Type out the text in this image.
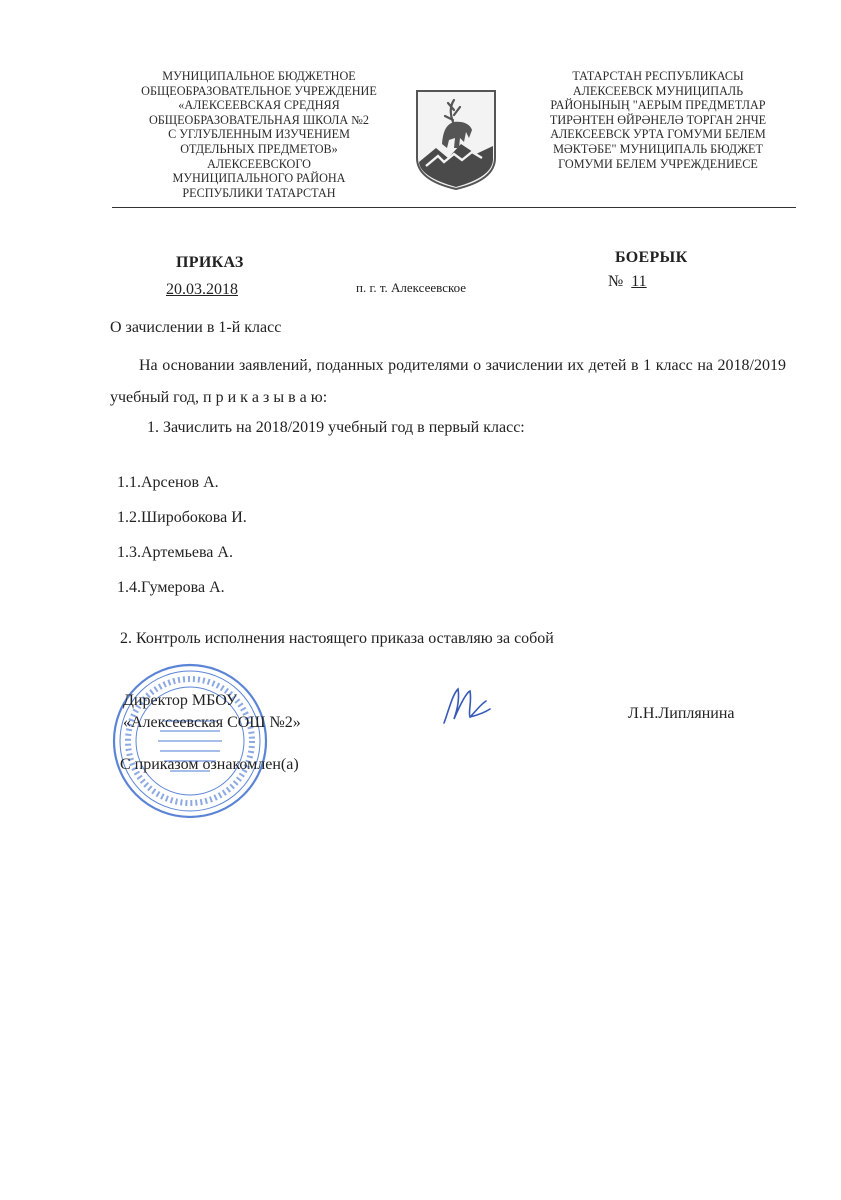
МУНИЦИПАЛЬНОЕ БЮДЖЕТНОЕ
ОБЩЕОБРАЗОВАТЕЛЬНОЕ УЧРЕЖДЕНИЕ
«АЛЕКСЕЕВСКАЯ СРЕДНЯЯ
ОБЩЕОБРАЗОВАТЕЛЬНАЯ ШКОЛА №2
С УГЛУБЛЕННЫМ ИЗУЧЕНИЕМ
ОТДЕЛЬНЫХ ПРЕДМЕТОВ»
АЛЕКСЕЕВСКОГО
МУНИЦИПАЛЬНОГО РАЙОНА
РЕСПУБЛИКИ ТАТАРСТАН
ТАТАРСТАН РЕСПУБЛИКАСЫ
АЛЕКСЕЕВСК МУНИЦИПАЛЬ
РАЙОНЫНЫҢ "АЕРЫМ ПРЕДМЕТЛАР
ТИРӘНТЕН ӨЙРӘНЕЛӘ ТОРГАН 2НЧЕ
АЛЕКСЕЕВСК УРТА ГОМУМИ БЕЛЕМ
МӘКТӘБЕ" МУНИЦИПАЛЬ БЮДЖЕТ
ГОМУМИ БЕЛЕМ УЧРЕЖДЕНИЕСЕ
ПРИКАЗ	БОЕРЫК
20.03.2018	п. г. т. Алексеевское	№ 11
О зачислении в 1-й класс
На основании заявлений, поданных родителями о зачислении их детей в 1 класс на 2018/2019 учебный год, п р и к а з ы в а ю:
1. Зачислить на 2018/2019 учебный год в первый класс:
1.1.Арсенов А.
1.2.Широбокова И.
1.3.Артемьева А.
1.4.Гумерова А.
2. Контроль исполнения настоящего приказа оставляю за собой
Директор МБОУ
«Алексеевская СОШ №2»
Л.Н.Липлянина
С приказом ознакомлен(а)
